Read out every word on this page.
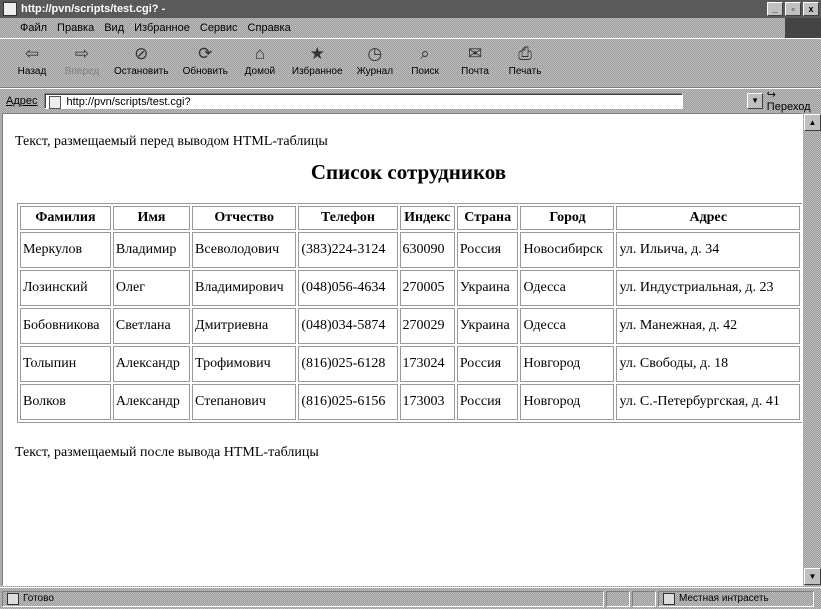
http://pvn/scripts/test.cgi? -	_	▫	x
Файл Правка Вид Избранное Сервис Справка
⇦
Назад
⇨
Вперед
⊘
Остановить
⟳
Обновить
⌂
Домой
★
Избранное
◷
Журнал
⌕
Поиск
✉
Почта
⎙
Печать
Адрес	http://pvn/scripts/test.cgi?	▼ ↪ Переход

Текст, размещаемый перед выводом HTML-таблицы

Список сотрудников
Фамилия	Имя	Отчество	Телефон	Индекс	Страна	Город	Адрес
Меркулов	Владимир	Всеволодович	(383)224-3124	630090	Россия	Новосибирск	ул. Ильича, д. 34
Лозинский	Олег	Владимирович	(048)056-4634	270005	Украина	Одесса	ул. Индустриальная, д. 23
Бобовникова	Светлана	Дмитриевна	(048)034-5874	270029	Украина	Одесса	ул. Манежная, д. 42
Толыпин	Александр	Трофимович	(816)025-6128	173024	Россия	Новгород	ул. Свободы, д. 18
Волков	Александр	Степанович	(816)025-6156	173003	Россия	Новгород	ул. С.-Петербургская, д. 41

Текст, размещаемый после вывода HTML-таблицы

▲
▼
Готово	Местная интрасеть
